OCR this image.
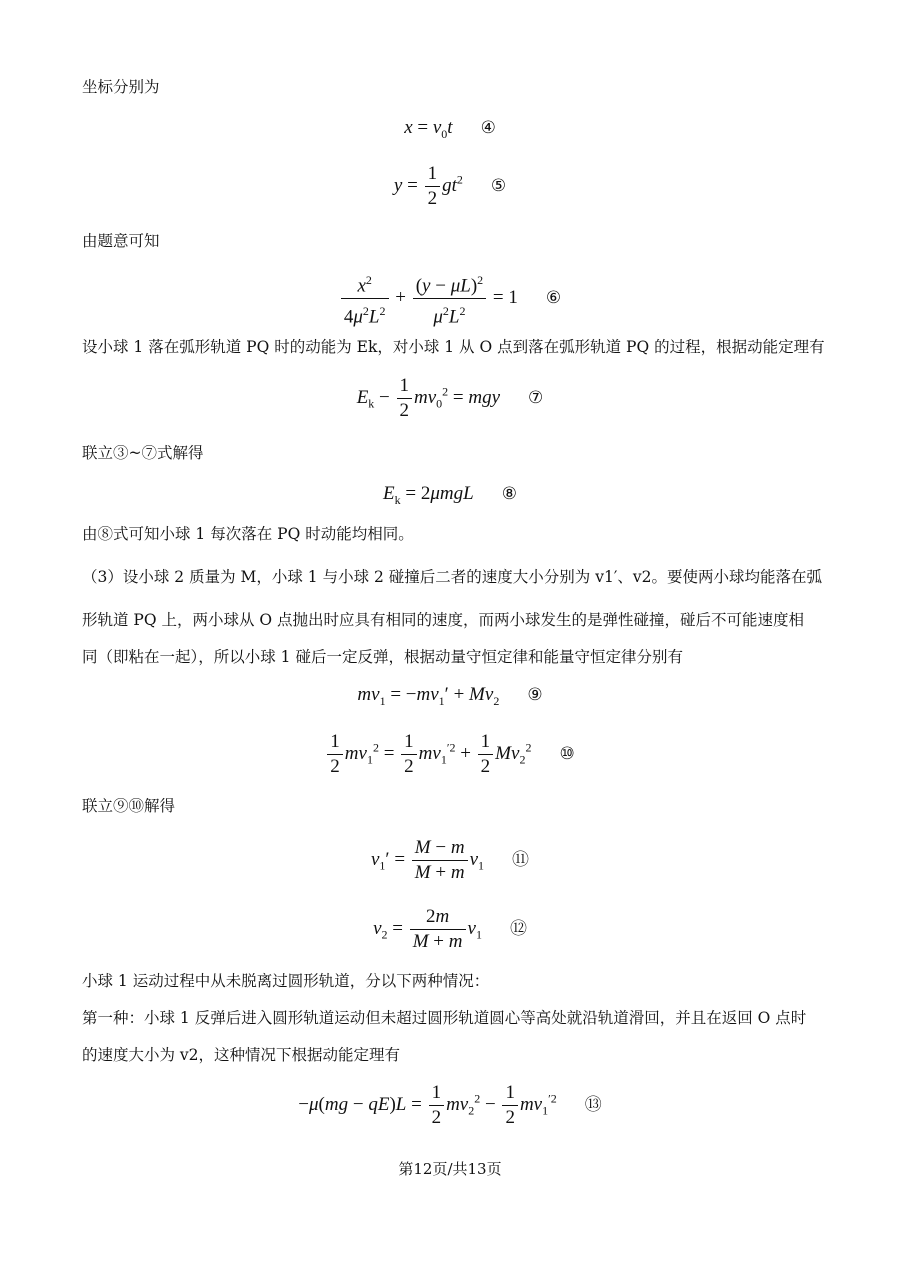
坐标分别为
$x = v_0t$ ④
$y = \frac{1}{2} gt^2$ ⑤
由题意可知
$\frac{x^2}{4\mu^2L^2} + \frac{(y - \mu L)^2}{\mu^2L^2} = 1$ ⑥
设小球 1 落在弧形轨道 PQ 时的动能为 Ek，对小球 1 从 O 点到落在弧形轨道 PQ 的过程，根据动能定理有
$E_k - \frac{1}{2} mv_0^2$ = mgy ⑦
联立③~⑦式解得
$E_k = 2\mu mgL$ ⑧
由⑧式可知小球 1 每次落在 PQ 时动能均相同。
（3）设小球 2 质量为 M，小球 1 与小球 2 碰撞后二者的速度大小分别为 v1′、v2。要使两小球均能落在弧
形轨道 PQ 上，两小球从 O 点抛出时应具有相同的速度，而两小球发生的是弹性碰撞，碰后不可能速度相
同（即粘在一起），所以小球 1 碰后一定反弹，根据动量守恒定律和能量守恒定律分别有
$mv_1 = -mv_1' + Mv_2$ ⑨
$\frac{1}{2} mv_1^2 = \frac{1}{2} mv_1^{'2} + \frac{1}{2} Mv_2^2$ ⑩
联立⑨⑩解得
$v_1' = \frac{M - m}{M + m} v_1$ ⑪
$v_2 = \frac{2m}{M + m} v_1$ ⑫
小球 1 运动过程中从未脱离过圆形轨道，分以下两种情况：
第一种：小球 1 反弹后进入圆形轨道运动但未超过圆形轨道圆心等高处就沿轨道滑回，并且在返回 O 点时
的速度大小为 v2，这种情况下根据动能定理有
$-\mu(mg - qE)L = \frac{1}{2} mv_2^2 - \frac{1}{2} mv_1^{'2}$ ⑬
第12页/共13页
